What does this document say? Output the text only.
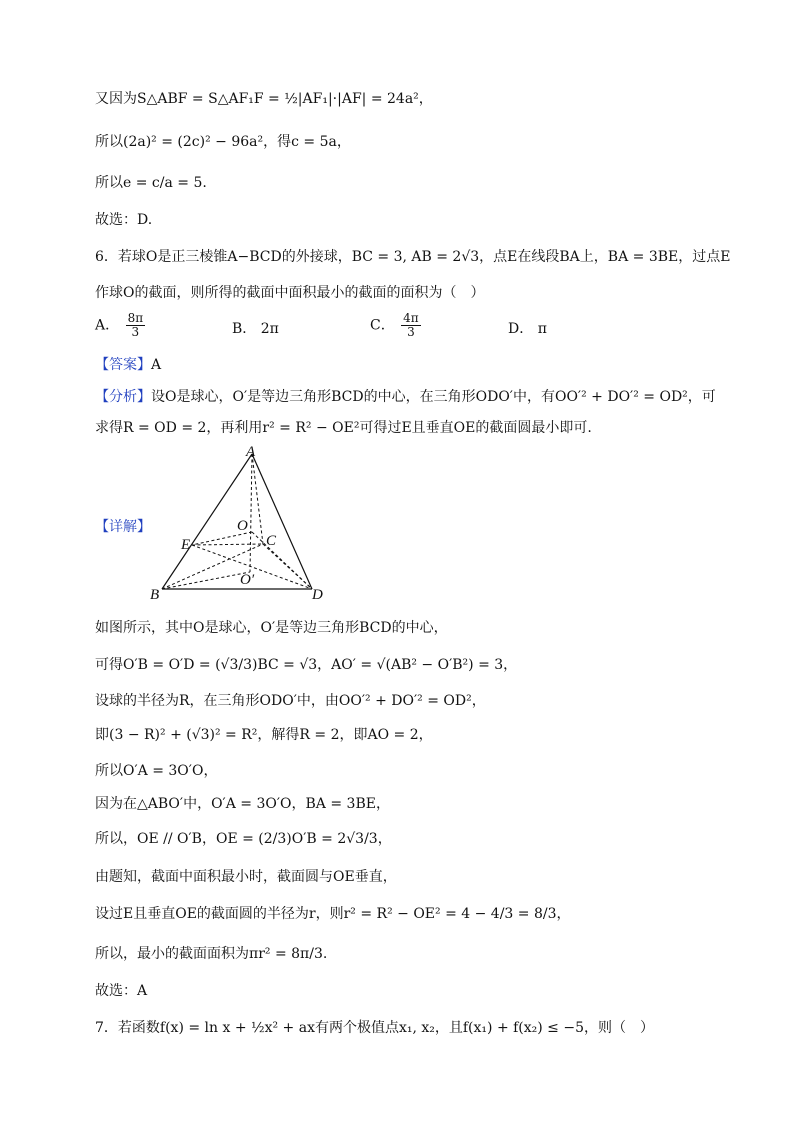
又因为S△ABF = S△AF₁F = ½|AF₁|·|AF| = 24a²，
所以(2a)² = (2c)² − 96a²，得c = 5a，
所以e = c/a = 5.
故选：D.
6．若球O是正三棱锥A−BCD的外接球，BC = 3, AB = 2√3，点E在线段BA上，BA = 3BE，过点E
作球O的截面，则所得的截面中面积最小的截面的面积为（　）
A． $\frac{8\pi}{3}$	B． 2π	C． $\frac{4\pi}{3}$	D． π
【答案】A
【分析】设O是球心，O′是等边三角形BCD的中心，在三角形ODO′中，有OO′² + DO′² = OD²，可
求得R = OD = 2，再利用r² = R² − OE²可得过E且垂直OE的截面圆最小即可.
【详解】
A
B
C
D
E
O
O′
如图所示，其中O是球心，O′是等边三角形BCD的中心，
可得O′B = O′D = (√3/3)BC = √3，AO′ = √(AB² − O′B²) = 3，
设球的半径为R，在三角形ODO′中，由OO′² + DO′² = OD²，
即(3 − R)² + (√3)² = R²，解得R = 2，即AO = 2，
所以O′A = 3O′O，
因为在△ABO′中，O′A = 3O′O，BA = 3BE，
所以，OE // O′B，OE = (2/3)O′B = 2√3/3，
由题知，截面中面积最小时，截面圆与OE垂直，
设过E且垂直OE的截面圆的半径为r，则r² = R² − OE² = 4 − 4/3 = 8/3，
所以，最小的截面面积为πr² = 8π/3.
故选：A
7．若函数f(x) = ln x + ½x² + ax有两个极值点x₁, x₂，且f(x₁) + f(x₂) ≤ −5，则（　）
